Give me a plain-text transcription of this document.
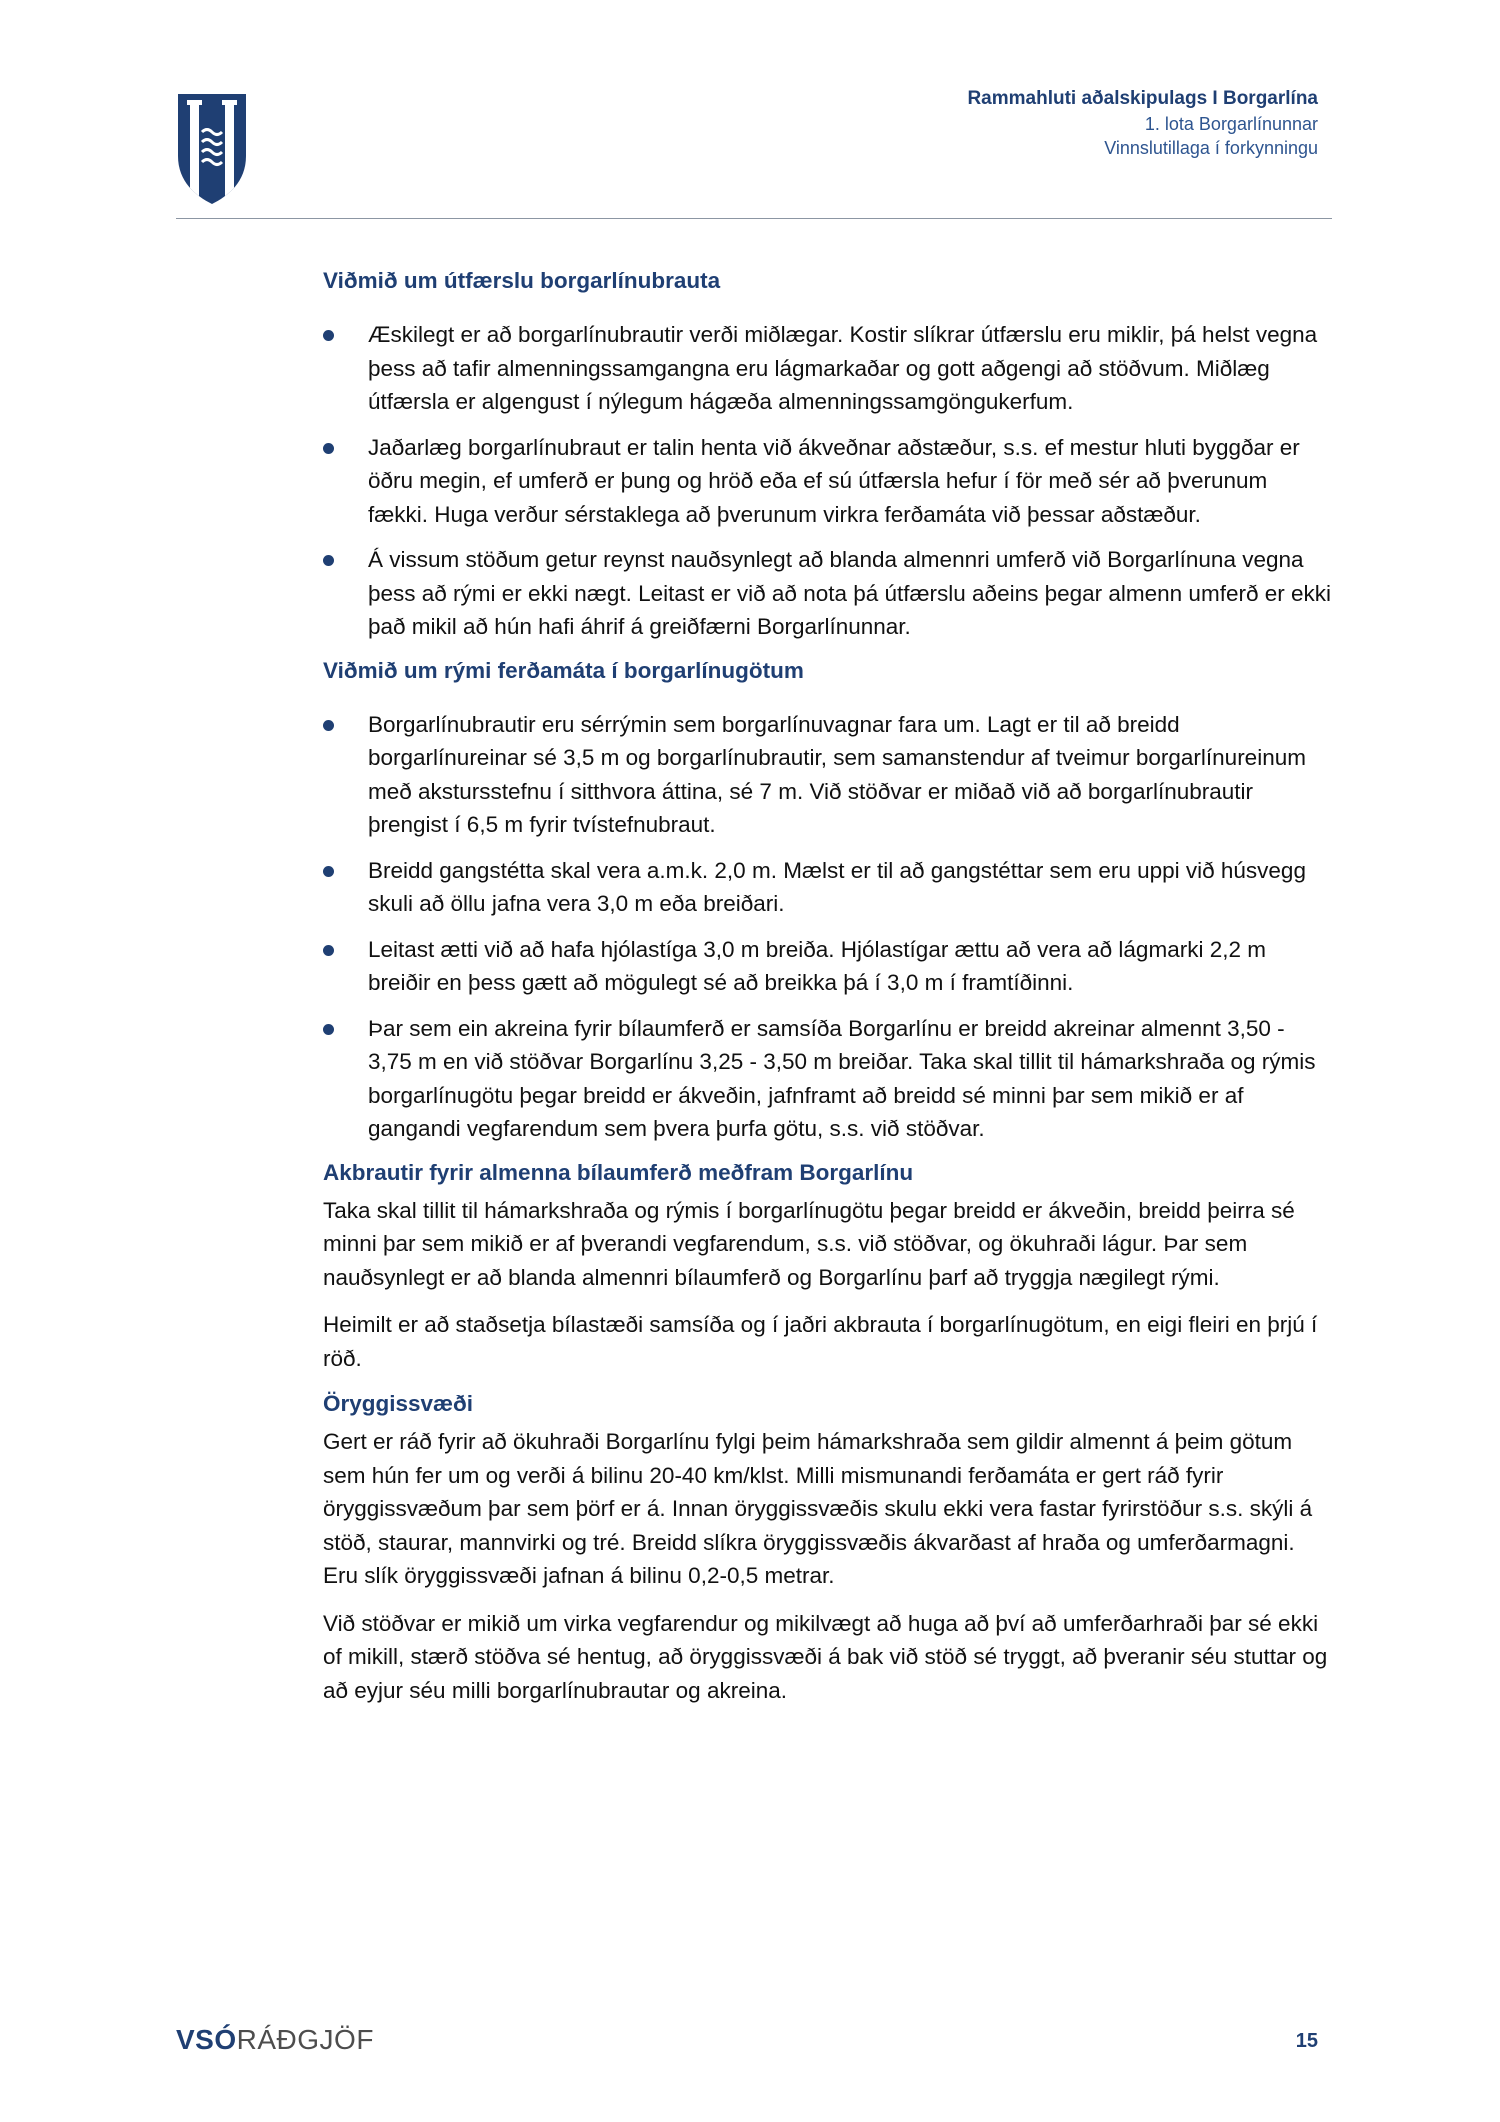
Rammahluti aðalskipulags I Borgarlína
1. lota Borgarlínunnar
Vinnslutillaga í forkynningu
Viðmið um útfærslu borgarlínubrauta
Æskilegt er að borgarlínubrautir verði miðlægar. Kostir slíkrar útfærslu eru miklir, þá helst vegna þess að tafir almenningssamgangna eru lágmarkaðar og gott aðgengi að stöðvum. Miðlæg útfærsla er algengust í nýlegum hágæða almenningssamgöngukerfum.
Jaðarlæg borgarlínubraut er talin henta við ákveðnar aðstæður, s.s. ef mestur hluti byggðar er öðru megin, ef umferð er þung og hröð eða ef sú útfærsla hefur í för með sér að þverunum fækki. Huga verður sérstaklega að þverunum virkra ferðamáta við þessar aðstæður.
Á vissum stöðum getur reynst nauðsynlegt að blanda almennri umferð við Borgarlínuna vegna þess að rými er ekki nægt. Leitast er við að nota þá útfærslu aðeins þegar almenn umferð er ekki það mikil að hún hafi áhrif á greiðfærni Borgarlínunnar.
Viðmið um rými ferðamáta í borgarlínugötum
Borgarlínubrautir eru sérrýmin sem borgarlínuvagnar fara um. Lagt er til að breidd borgarlínureinar sé 3,5 m og borgarlínubrautir, sem samanstendur af tveimur borgarlínureinum með akstursstefnu í sitthvora áttina, sé 7 m. Við stöðvar er miðað við að borgarlínubrautir þrengist í 6,5 m fyrir tvístefnubraut.
Breidd gangstétta skal vera a.m.k. 2,0 m. Mælst er til að gangstéttar sem eru uppi við húsvegg skuli að öllu jafna vera 3,0 m eða breiðari.
Leitast ætti við að hafa hjólastíga 3,0 m breiða. Hjólastígar ættu að vera að lágmarki 2,2 m breiðir en þess gætt að mögulegt sé að breikka þá í 3,0 m í framtíðinni.
Þar sem ein akreina fyrir bílaumferð er samsíða Borgarlínu er breidd akreinar almennt 3,50 - 3,75 m en við stöðvar Borgarlínu 3,25 - 3,50 m breiðar. Taka skal tillit til hámarkshraða og rýmis borgarlínugötu þegar breidd er ákveðin, jafnframt að breidd sé minni þar sem mikið er af gangandi vegfarendum sem þvera þurfa götu, s.s. við stöðvar.
Akbrautir fyrir almenna bílaumferð meðfram Borgarlínu

Taka skal tillit til hámarkshraða og rýmis í borgarlínugötu þegar breidd er ákveðin, breidd þeirra sé minni þar sem mikið er af þverandi vegfarendum, s.s. við stöðvar, og ökuhraði lágur. Þar sem nauðsynlegt er að blanda almennri bílaumferð og Borgarlínu þarf að tryggja nægilegt rými.

Heimilt er að staðsetja bílastæði samsíða og í jaðri akbrauta í borgarlínugötum, en eigi fleiri en þrjú í röð.

Öryggissvæði

Gert er ráð fyrir að ökuhraði Borgarlínu fylgi þeim hámarkshraða sem gildir almennt á þeim götum sem hún fer um og verði á bilinu 20-40 km/klst. Milli mismunandi ferðamáta er gert ráð fyrir öryggissvæðum þar sem þörf er á. Innan öryggissvæðis skulu ekki vera fastar fyrirstöður s.s. skýli á stöð, staurar, mannvirki og tré. Breidd slíkra öryggissvæðis ákvarðast af hraða og umferðarmagni. Eru slík öryggissvæði jafnan á bilinu 0,2-0,5 metrar.

Við stöðvar er mikið um virka vegfarendur og mikilvægt að huga að því að umferðarhraði þar sé ekki of mikill, stærð stöðva sé hentug, að öryggissvæði á bak við stöð sé tryggt, að þveranir séu stuttar og að eyjur séu milli borgarlínubrautar og akreina.

VSÓRÁÐGJÖF	15
